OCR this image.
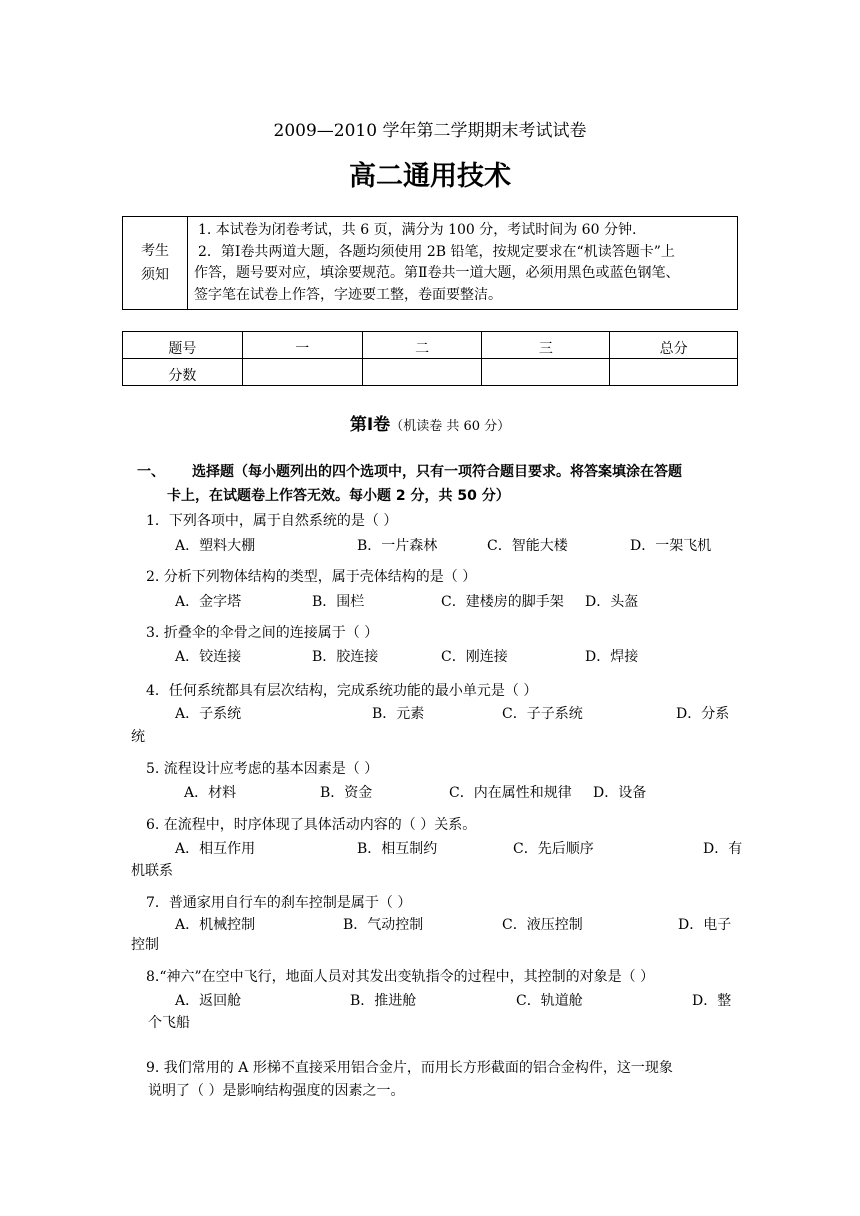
2009—2010 学年第二学期期末考试试卷
高二通用技术
考生
须知

1. 本试卷为闭卷考试，共 6 页，满分为 100 分，考试时间为 60 分钟.
2．第Ⅰ卷共两道大题，各题均须使用 2B 铅笔，按规定要求在“机读答题卡”上
作答，题号要对应，填涂要规范。第Ⅱ卷共一道大题，必须用黑色或蓝色钢笔、
签字笔在试卷上作答，字迹要工整，卷面要整洁。
题号	一	二	三	总分
分数				
第Ⅰ卷（机读卷 共 60 分）
一、 选择题（每小题列出的四个选项中，只有一项符合题目要求。将答案填涂在答题
卡上，在试题卷上作答无效。每小题 2 分，共 50 分）
1．下列各项中，属于自然系统的是（ ）
A．塑料大棚	B．一片森林	C．智能大楼	D．一架飞机
2. 分析下列物体结构的类型，属于壳体结构的是（ ）
A．金字塔	B．围栏	C．建楼房的脚手架 D．头盔
3. 折叠伞的伞骨之间的连接属于（ ）
A．铰连接	B．胶连接	C．刚连接	D．焊接
4．任何系统都具有层次结构，完成系统功能的最小单元是（ ）
A．子系统	B．元素	C．子子系统	D．分系
统
5. 流程设计应考虑的基本因素是（ ）
A．材料	B．资金	C．内在属性和规律 D．设备
6. 在流程中，时序体现了具体活动内容的（ ）关系。
A．相互作用	B．相互制约	C．先后顺序	D．有
机联系
7．普通家用自行车的刹车控制是属于（ ）
A．机械控制	B．气动控制	C．液压控制	D．电子
控制
8.“神六”在空中飞行，地面人员对其发出变轨指令的过程中，其控制的对象是（ ）
A．返回舱	B．推进舱	C．轨道舱	D．整
个飞船
9. 我们常用的 A 形梯不直接采用铝合金片，而用长方形截面的铝合金构件，这一现象
说明了（ ）是影响结构强度的因素之一。
